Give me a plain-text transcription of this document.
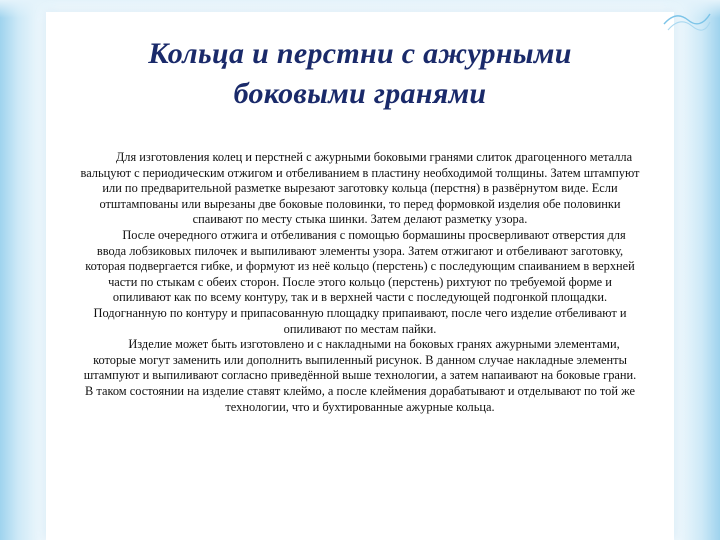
Кольца и перстни с ажурными
боковыми гранями

Для изготовления колец и перстней с ажурными боковыми гранями слиток драгоценного металла вальцуют с периодическим отжигом и отбеливанием в пластину необходимой толщины. Затем штампуют или по предварительной разметке вырезают заготовку кольца (перстня) в развёрнутом виде. Если отштампованы или вырезаны две боковые половинки, то перед формовкой изделия обе половинки спаивают по месту стыка шинки. Затем делают разметку узора.

После очередного отжига и отбеливания с помощью бормашины просверливают отверстия для ввода лобзиковых пилочек и выпиливают элементы узора. Затем отжигают и отбеливают заготовку, которая подвергается гибке, и формуют из неё кольцо (перстень) с последующим спаиванием в верхней части по стыкам с обеих сторон. После этого кольцо (перстень) рихтуют по требуемой форме и опиливают как по всему контуру, так и в верхней части с последующей подгонкой площадки. Подогнанную по контуру и припасованную площадку припаивают, после чего изделие отбеливают и опиливают по местам пайки.

Изделие может быть изготовлено и с накладными на боковых гранях ажурными элементами, которые могут заменить или дополнить выпиленный рисунок. В данном случае накладные элементы штампуют и выпиливают согласно приведённой выше технологии, а затем напаивают на боковые грани. В таком состоянии на изделие ставят клеймо, а после клеймения дорабатывают и отделывают по той же технологии, что и бухтированные ажурные кольца.
